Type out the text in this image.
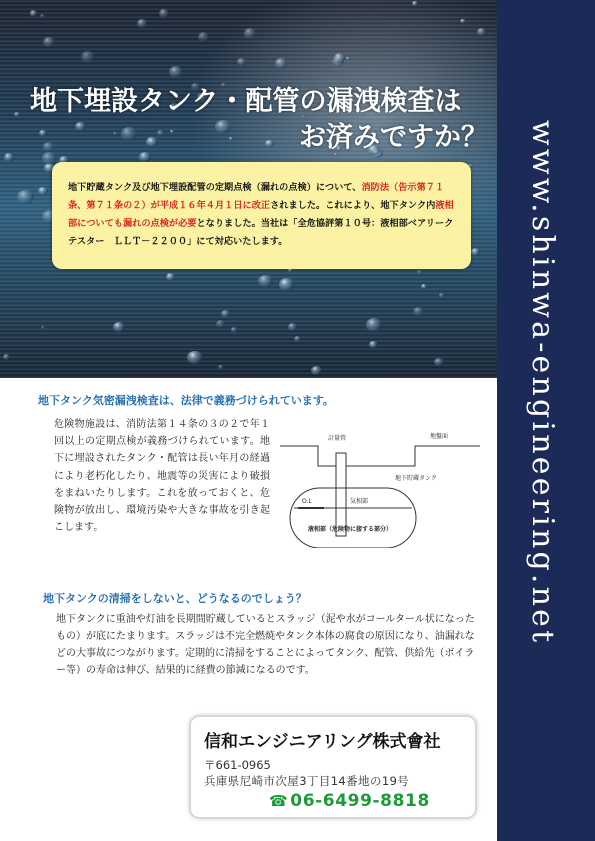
地下埋設タンク・配管の漏洩検査は
お済みですか？
地下貯蔵タンク及び地下埋設配管の定期点検（漏れの点検）について、消防法（告示第７１条、第７１条の２）が平成１６年４月１日に改正されました。これにより、地下タンク内液相部についても漏れの点検が必要となりました。当社は「全危協評第１０号：液相部ベアリークテスター　ＬＬＴ－２２００」にて対応いたします。	www.shinwa-engineering.net
地下タンク気密漏洩検査は、法律で義務づけられています。
危険物施設は、消防法第１４条の３の２で年１回以上の定期点検が義務づけられています。地下に埋設されたタンク・配管は長い年月の経過により老朽化したり、地震等の災害により破損をまねいたりします。これを放っておくと、危険物が放出し、環境汚染や大きな事故を引き起こします。
計量管	地盤面
地下貯蔵タンク
O.L	気相部
液相部（危険物に接する部分）
地下タンクの清掃をしないと、どうなるのでしょう？
地下タンクに重油や灯油を長期間貯蔵しているとスラッジ（泥や水がコールタール状になったもの）が底にたまります。スラッジは不完全燃焼やタンク本体の腐食の原因になり、油漏れなどの大事故につながります。定期的に清掃をすることによってタンク、配管、供給先（ボイラー等）の寿命は伸び、結果的に経費の節減になるのです。
信和エンジニアリング株式會社
〒661-0965
兵庫県尼崎市次屋3丁目14番地の19号
☎ 06-6499-8818
